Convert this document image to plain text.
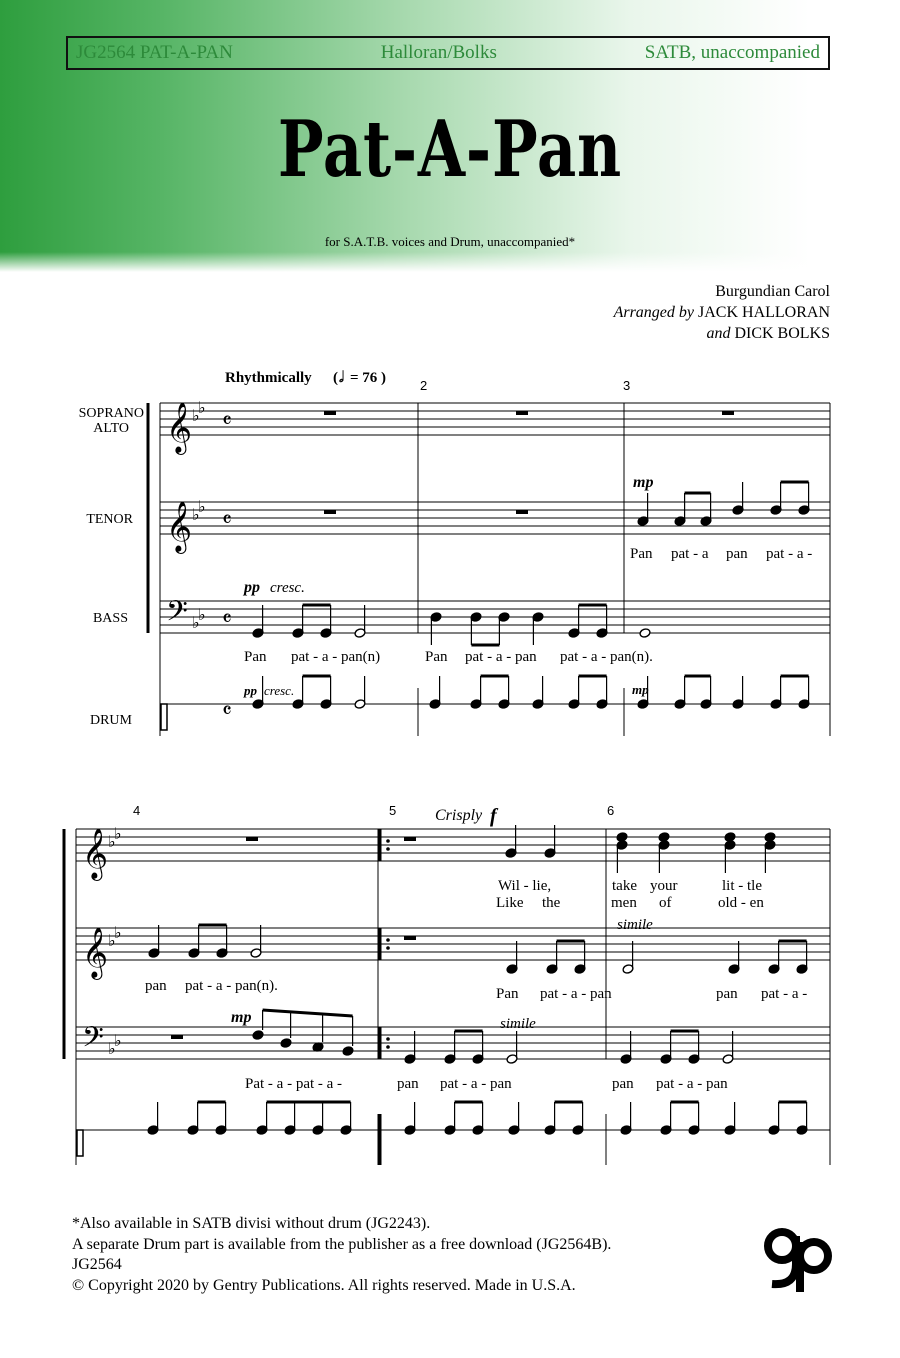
JG2564 PAT-A-PAN	Halloran/Bolks	SATB, unaccompanied
Pat-A-Pan
for S.A.T.B. voices and Drum, unaccompanied*
Burgundian Carol
Arranged by JACK HALLORAN
and DICK BOLKS
𝄞
𝄞
𝄢
♭
♭
♭
♭
♭
♭
𝄴
𝄴
𝄴
𝄴
𝄞
𝄞
𝄢
♭
♭
♭
♭
♭
♭
Rhythmically ( 𝅗𝅥 = 76 )	2	3
SOPRANO
ALTO
TENOR
BASS
DRUM
mp
pp cresc.
pp cresc.	mp
Pan pat - a pan pat - a -
Pan pat - a - pan(n)	Pan pat - a - pan pat - a - pan(n).
4	5	6
Crisply f
Wil - lie,	take your	lit - tle
Like the	men of	old - en
simile
pan pat - a - pan(n).	Pan pat - a - pan	pan pat - a -
mp	simile
Pat - a - pat - a -	pan pat - a - pan	pan pat - a - pan
*Also available in SATB divisi without drum (JG2243).
A separate Drum part is available from the publisher as a free download (JG2564B).
JG2564
© Copyright 2020 by Gentry Publications. All rights reserved. Made in U.S.A.
